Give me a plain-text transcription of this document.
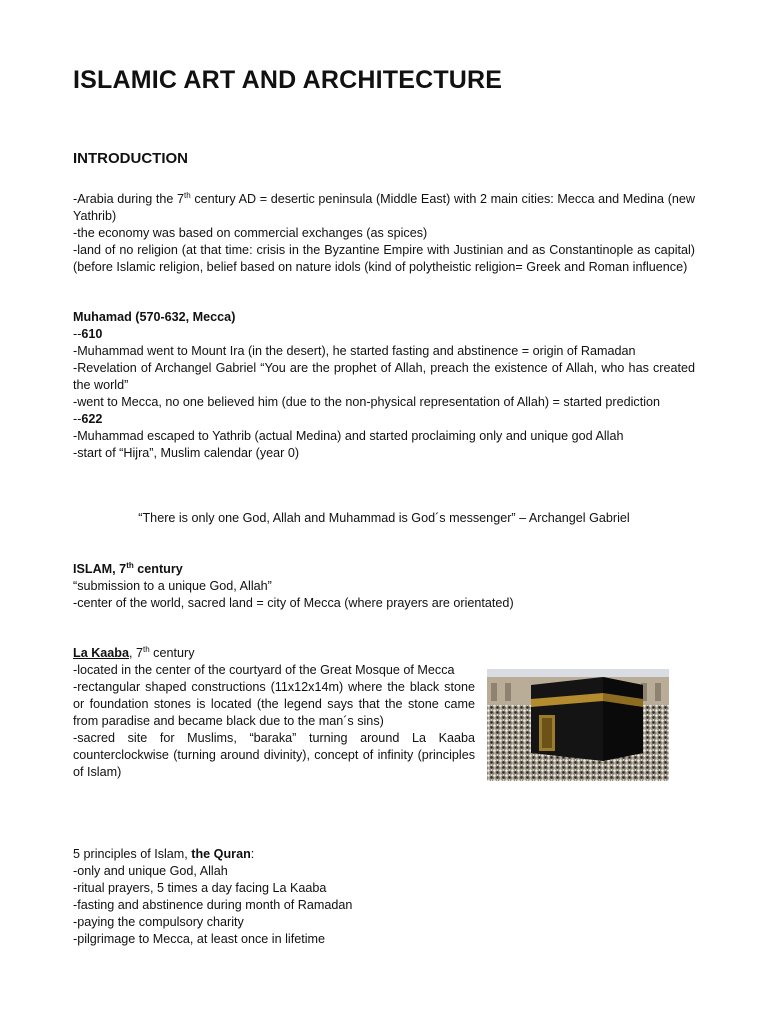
ISLAMIC ART AND ARCHITECTURE
INTRODUCTION

-Arabia during the 7th century AD = desertic peninsula (Middle East) with 2 main cities: Mecca and Medina (new Yathrib)

-the economy was based on commercial exchanges (as spices)

-land of no religion (at that time: crisis in the Byzantine Empire with Justinian and as Constantinople as capital) (before Islamic religion, belief based on nature idols (kind of polytheistic religion= Greek and Roman influence)

Muhamad (570-632, Mecca)

--610

-Muhammad went to Mount Ira (in the desert), he started fasting and abstinence = origin of Ramadan

-Revelation of Archangel Gabriel “You are the prophet of Allah, preach the existence of Allah, who has created the world”

-went to Mecca, no one believed him (due to the non-physical representation of Allah) = started prediction

--622

-Muhammad escaped to Yathrib (actual Medina) and started proclaiming only and unique god Allah

-start of “Hijra”, Muslim calendar (year 0)

“There is only one God, Allah and Muhammad is God´s messenger” – Archangel Gabriel

ISLAM, 7th century

“submission to a unique God, Allah”

-center of the world, sacred land = city of Mecca (where prayers are orientated)

La Kaaba, 7th century

-located in the center of the courtyard of the Great Mosque of Mecca

-rectangular shaped constructions (11x12x14m) where the black stone or foundation stones is located (the legend says that the stone came from paradise and became black due to the man´s sins)

-sacred site for Muslims, “baraka” turning around La Kaaba counterclockwise (turning around divinity), concept of infinity (principles of Islam)

5 principles of Islam, the Quran:

-only and unique God, Allah

-ritual prayers, 5 times a day facing La Kaaba

-fasting and abstinence during month of Ramadan

-paying the compulsory charity

-pilgrimage to Mecca, at least once in lifetime
